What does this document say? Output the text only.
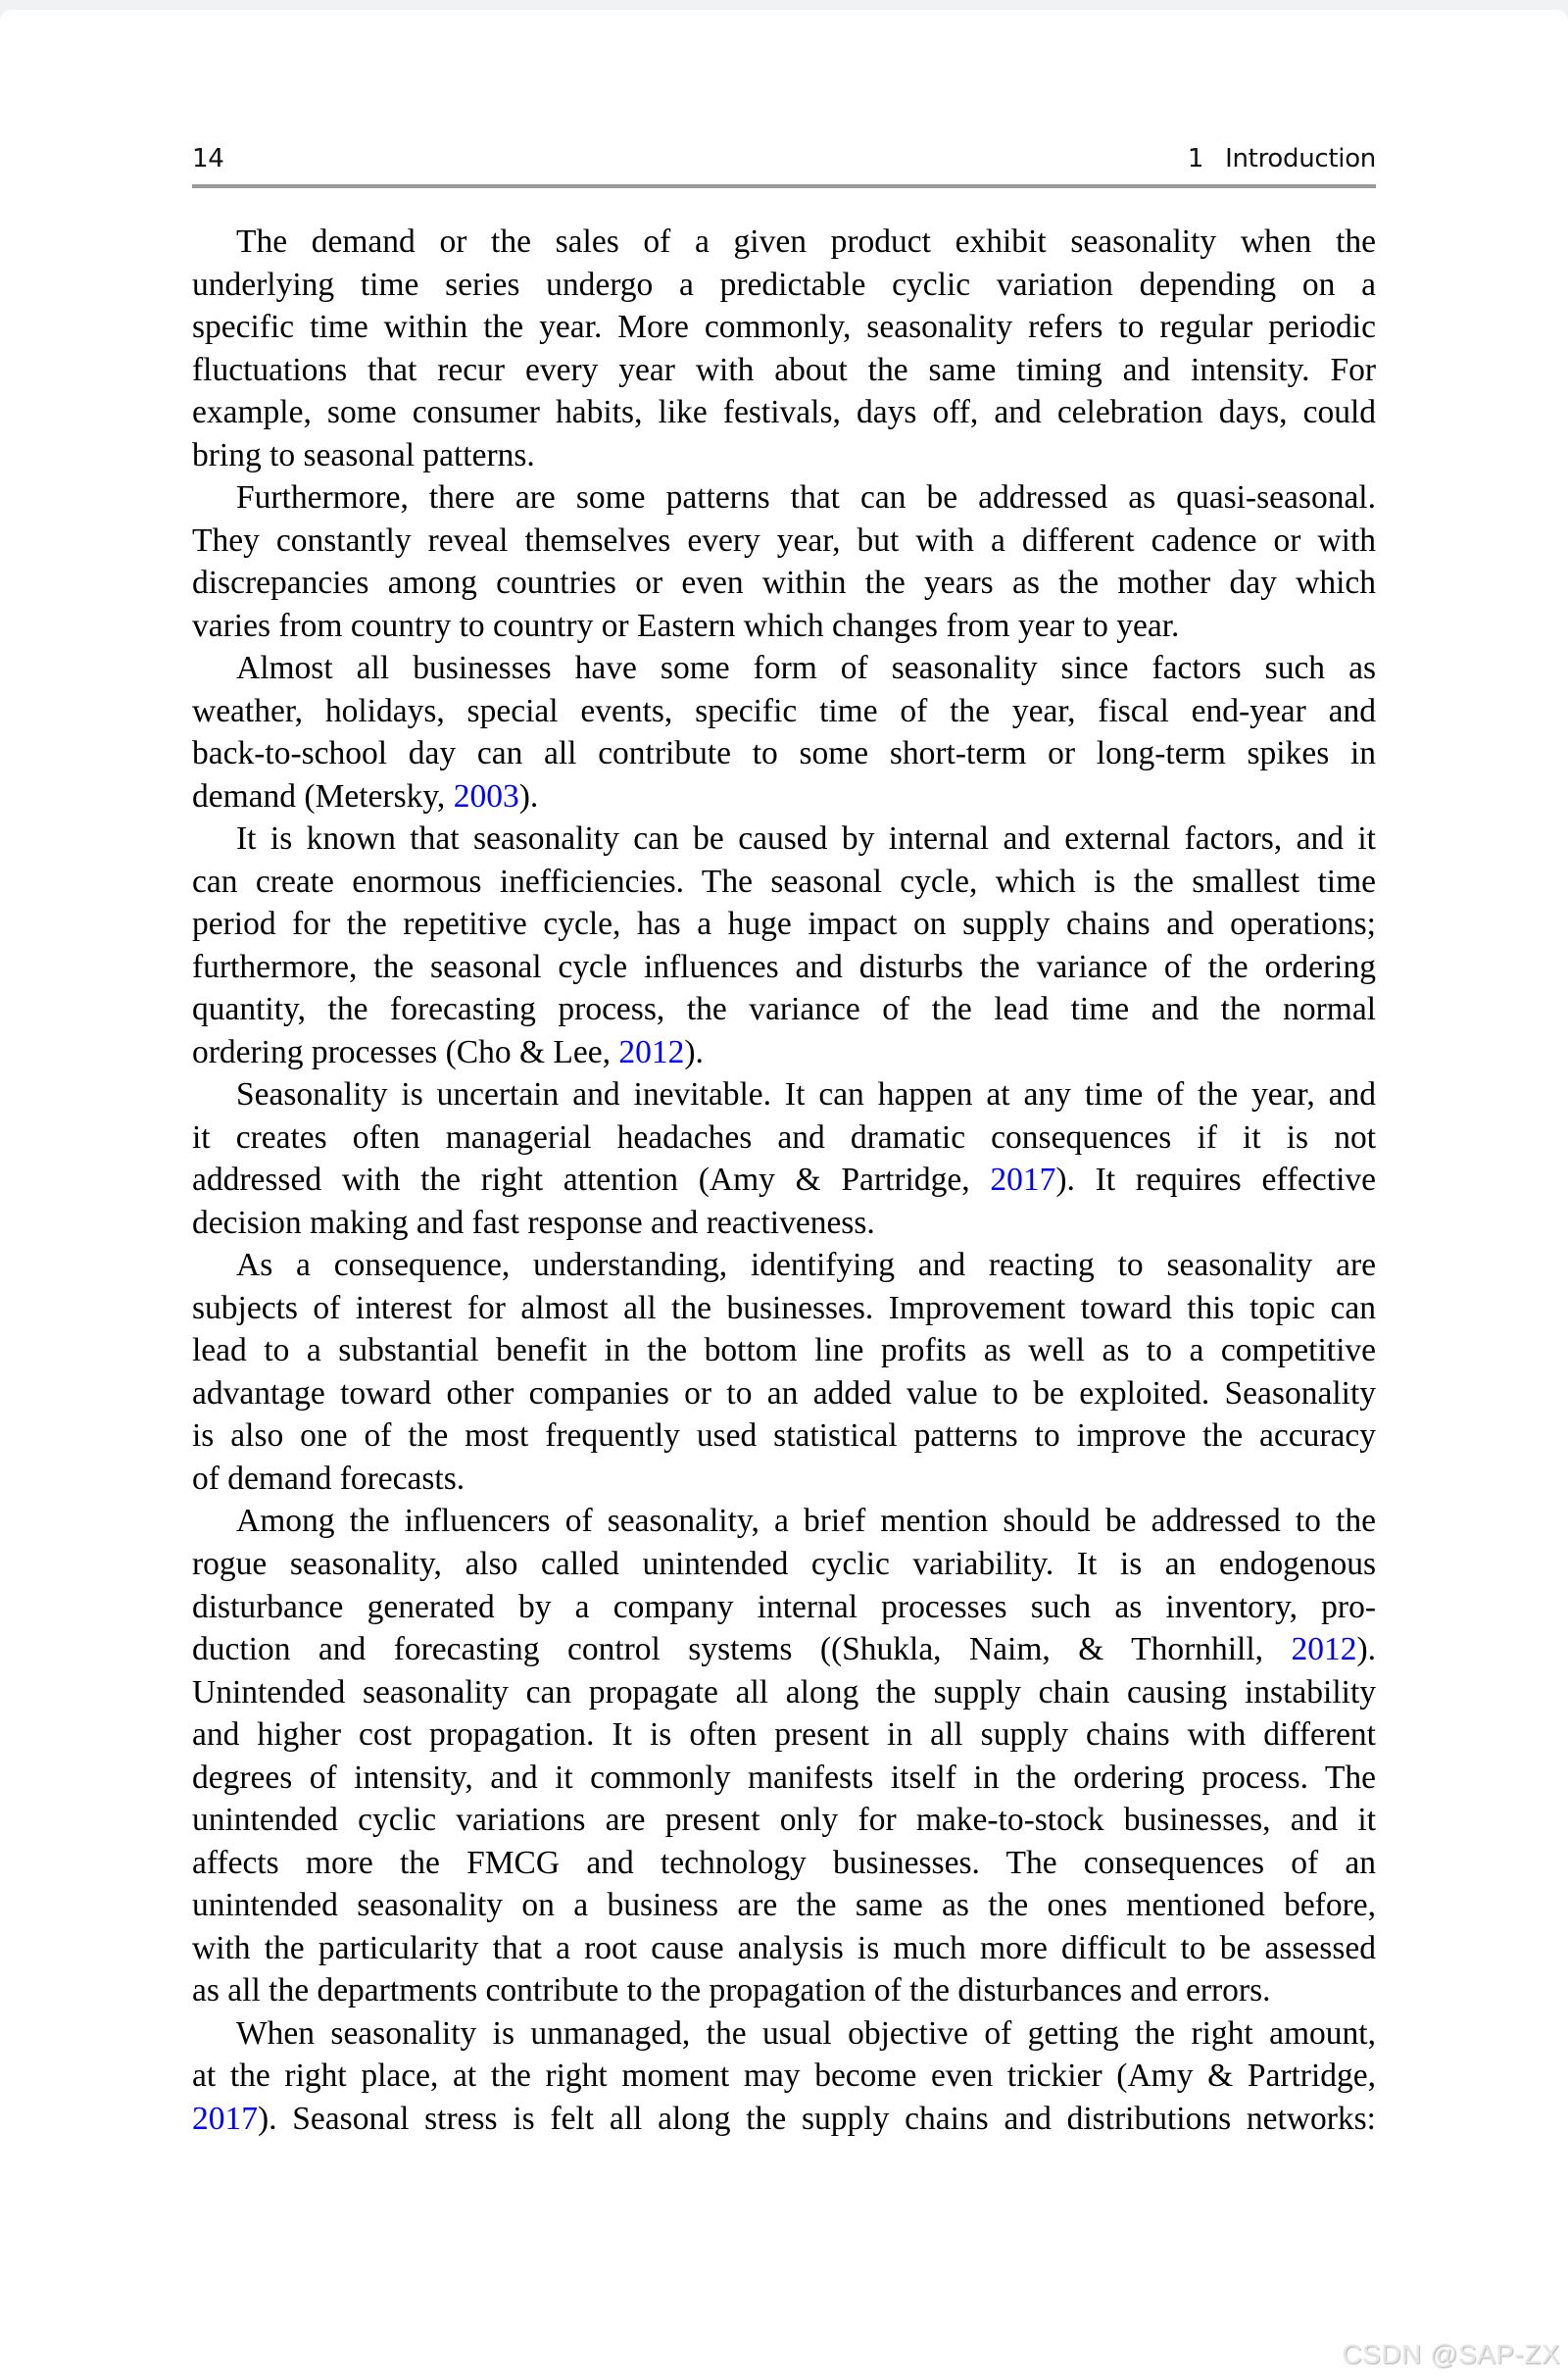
14	1 Introduction
The demand or the sales of a given product exhibit seasonality when the
underlying time series undergo a predictable cyclic variation depending on a
specific time within the year. More commonly, seasonality refers to regular periodic
fluctuations that recur every year with about the same timing and intensity. For
example, some consumer habits, like festivals, days off, and celebration days, could
bring to seasonal patterns.
Furthermore, there are some patterns that can be addressed as quasi-seasonal.
They constantly reveal themselves every year, but with a different cadence or with
discrepancies among countries or even within the years as the mother day which
varies from country to country or Eastern which changes from year to year.
Almost all businesses have some form of seasonality since factors such as
weather, holidays, special events, specific time of the year, fiscal end-year and
back-to-school day can all contribute to some short-term or long-term spikes in
demand (Metersky, 2003).
It is known that seasonality can be caused by internal and external factors, and it
can create enormous inefficiencies. The seasonal cycle, which is the smallest time
period for the repetitive cycle, has a huge impact on supply chains and operations;
furthermore, the seasonal cycle influences and disturbs the variance of the ordering
quantity, the forecasting process, the variance of the lead time and the normal
ordering processes (Cho & Lee, 2012).
Seasonality is uncertain and inevitable. It can happen at any time of the year, and
it creates often managerial headaches and dramatic consequences if it is not
addressed with the right attention (Amy & Partridge, 2017). It requires effective
decision making and fast response and reactiveness.
As a consequence, understanding, identifying and reacting to seasonality are
subjects of interest for almost all the businesses. Improvement toward this topic can
lead to a substantial benefit in the bottom line profits as well as to a competitive
advantage toward other companies or to an added value to be exploited. Seasonality
is also one of the most frequently used statistical patterns to improve the accuracy
of demand forecasts.
Among the influencers of seasonality, a brief mention should be addressed to the
rogue seasonality, also called unintended cyclic variability. It is an endogenous
disturbance generated by a company internal processes such as inventory, pro-
duction and forecasting control systems ((Shukla, Naim, & Thornhill, 2012).
Unintended seasonality can propagate all along the supply chain causing instability
and higher cost propagation. It is often present in all supply chains with different
degrees of intensity, and it commonly manifests itself in the ordering process. The
unintended cyclic variations are present only for make-to-stock businesses, and it
affects more the FMCG and technology businesses. The consequences of an
unintended seasonality on a business are the same as the ones mentioned before,
with the particularity that a root cause analysis is much more difficult to be assessed
as all the departments contribute to the propagation of the disturbances and errors.
When seasonality is unmanaged, the usual objective of getting the right amount,
at the right place, at the right moment may become even trickier (Amy & Partridge,
2017). Seasonal stress is felt all along the supply chains and distributions networks:
CSDN @SAP-ZX
